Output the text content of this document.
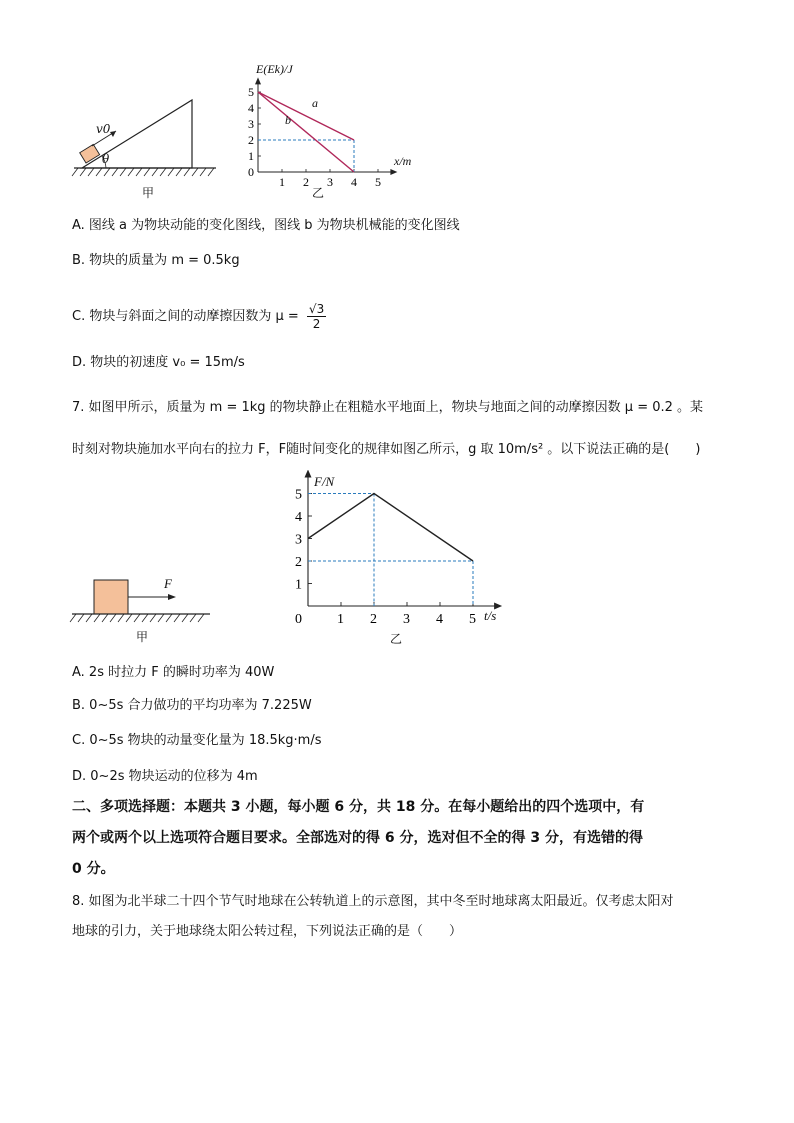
v0
θ
甲
0
1
2
3
4
5
1 2 3 4 5
E(Ek)/J
x/m
a
b
乙
A. 图线 a 为物块动能的变化图线，图线 b 为物块机械能的变化图线
B. 物块的质量为 m = 0.5kg
C. 物块与斜面之间的动摩擦因数为 $\mu = \frac{√3}{2}$
D. 物块的初速度 v₀ = 15m/s
7. 如图甲所示，质量为 m = 1kg 的物块静止在粗糙水平地面上，物块与地面之间的动摩擦因数 μ = 0.2 。某
时刻对物块施加水平向右的拉力 F，F随时间变化的规律如图乙所示，g 取 10m/s² 。以下说法正确的是(　　)
F
甲
1
2
3
4
5
0	1 2 3 4 5
F/N
t/s
乙
A. 2s 时拉力 F 的瞬时功率为 40W
B. 0~5s 合力做功的平均功率为 7.225W
C. 0~5s 物块的动量变化量为 18.5kg·m/s
D. 0~2s 物块运动的位移为 4m
二、多项选择题：本题共 3 小题，每小题 6 分，共 18 分。在每小题给出的四个选项中，有
两个或两个以上选项符合题目要求。全部选对的得 6 分，选对但不全的得 3 分，有选错的得
0 分。
8. 如图为北半球二十四个节气时地球在公转轨道上的示意图，其中冬至时地球离太阳最近。仅考虑太阳对
地球的引力，关于地球绕太阳公转过程，下列说法正确的是（　　）
